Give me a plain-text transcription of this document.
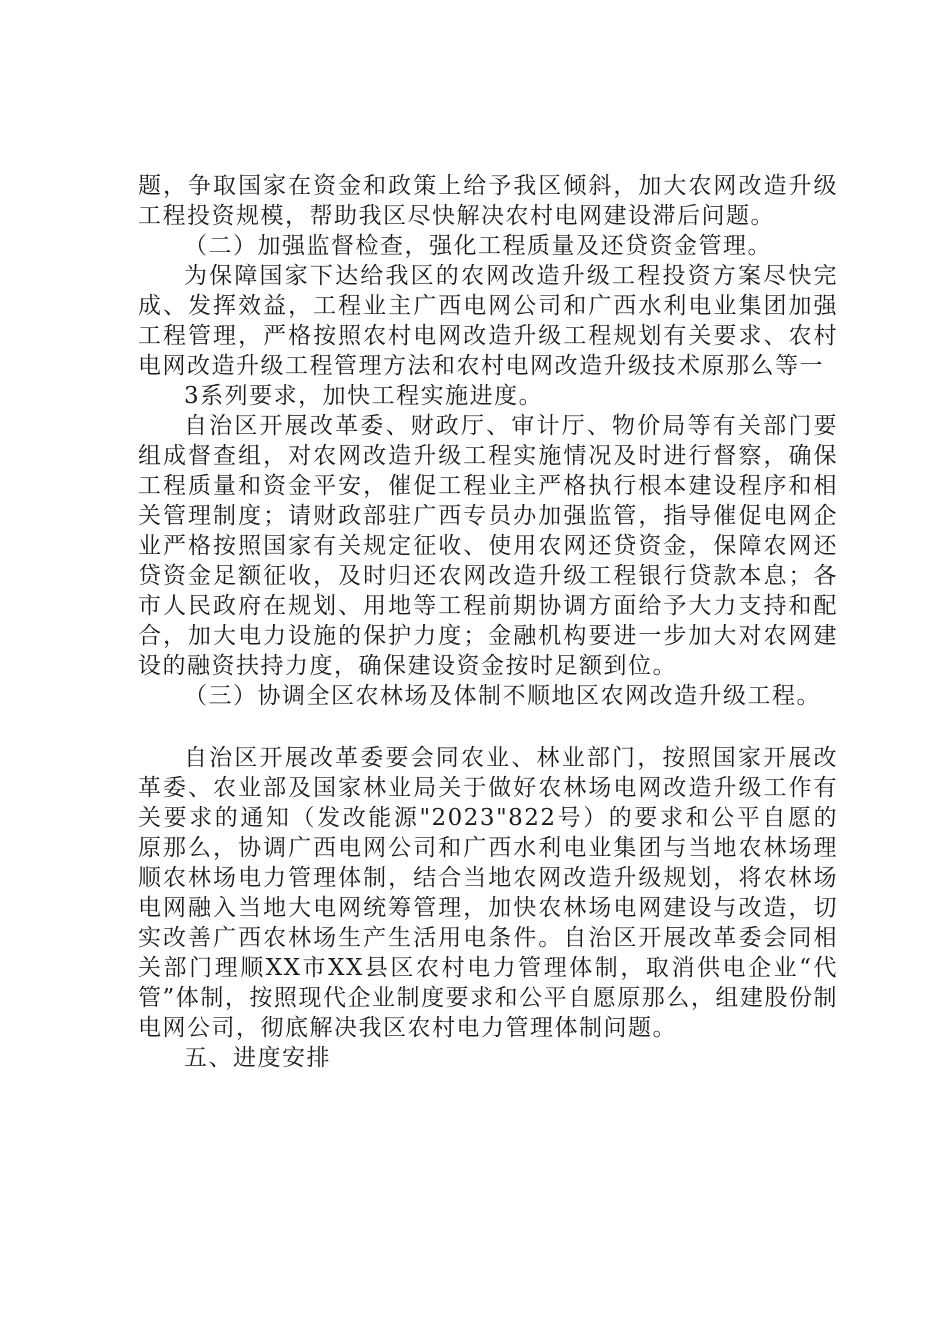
题，争取国家在资金和政策上给予我区倾斜，加大农网改造升级工程投资规模，帮助我区尽快解决农村电网建设滞后问题。

（二）加强监督检查，强化工程质量及还贷资金管理。

为保障国家下达给我区的农网改造升级工程投资方案尽快完成、发挥效益，工程业主广西电网公司和广西水利电业集团加强工程管理，严格按照农村电网改造升级工程规划有关要求、农村电网改造升级工程管理方法和农村电网改造升级技术原那么等一

3系列要求，加快工程实施进度。

自治区开展改革委、财政厅、审计厅、物价局等有关部门要组成督查组，对农网改造升级工程实施情况及时进行督察，确保工程质量和资金平安，催促工程业主严格执行根本建设程序和相关管理制度；请财政部驻广西专员办加强监管，指导催促电网企业严格按照国家有关规定征收、使用农网还贷资金，保障农网还贷资金足额征收，及时归还农网改造升级工程银行贷款本息；各市人民政府在规划、用地等工程前期协调方面给予大力支持和配合，加大电力设施的保护力度；金融机构要进一步加大对农网建设的融资扶持力度，确保建设资金按时足额到位。

（三）协调全区农林场及体制不顺地区农网改造升级工程。

自治区开展改革委要会同农业、林业部门，按照国家开展改革委、农业部及国家林业局关于做好农林场电网改造升级工作有关要求的通知（发改能源"2023"822号）的要求和公平自愿的原那么，协调广西电网公司和广西水利电业集团与当地农林场理顺农林场电力管理体制，结合当地农网改造升级规划，将农林场电网融入当地大电网统筹管理，加快农林场电网建设与改造，切实改善广西农林场生产生活用电条件。自治区开展改革委会同相关部门理顺XX市XX县区农村电力管理体制，取消供电企业“代管”体制，按照现代企业制度要求和公平自愿原那么，组建股份制电网公司，彻底解决我区农村电力管理体制问题。

五、进度安排
